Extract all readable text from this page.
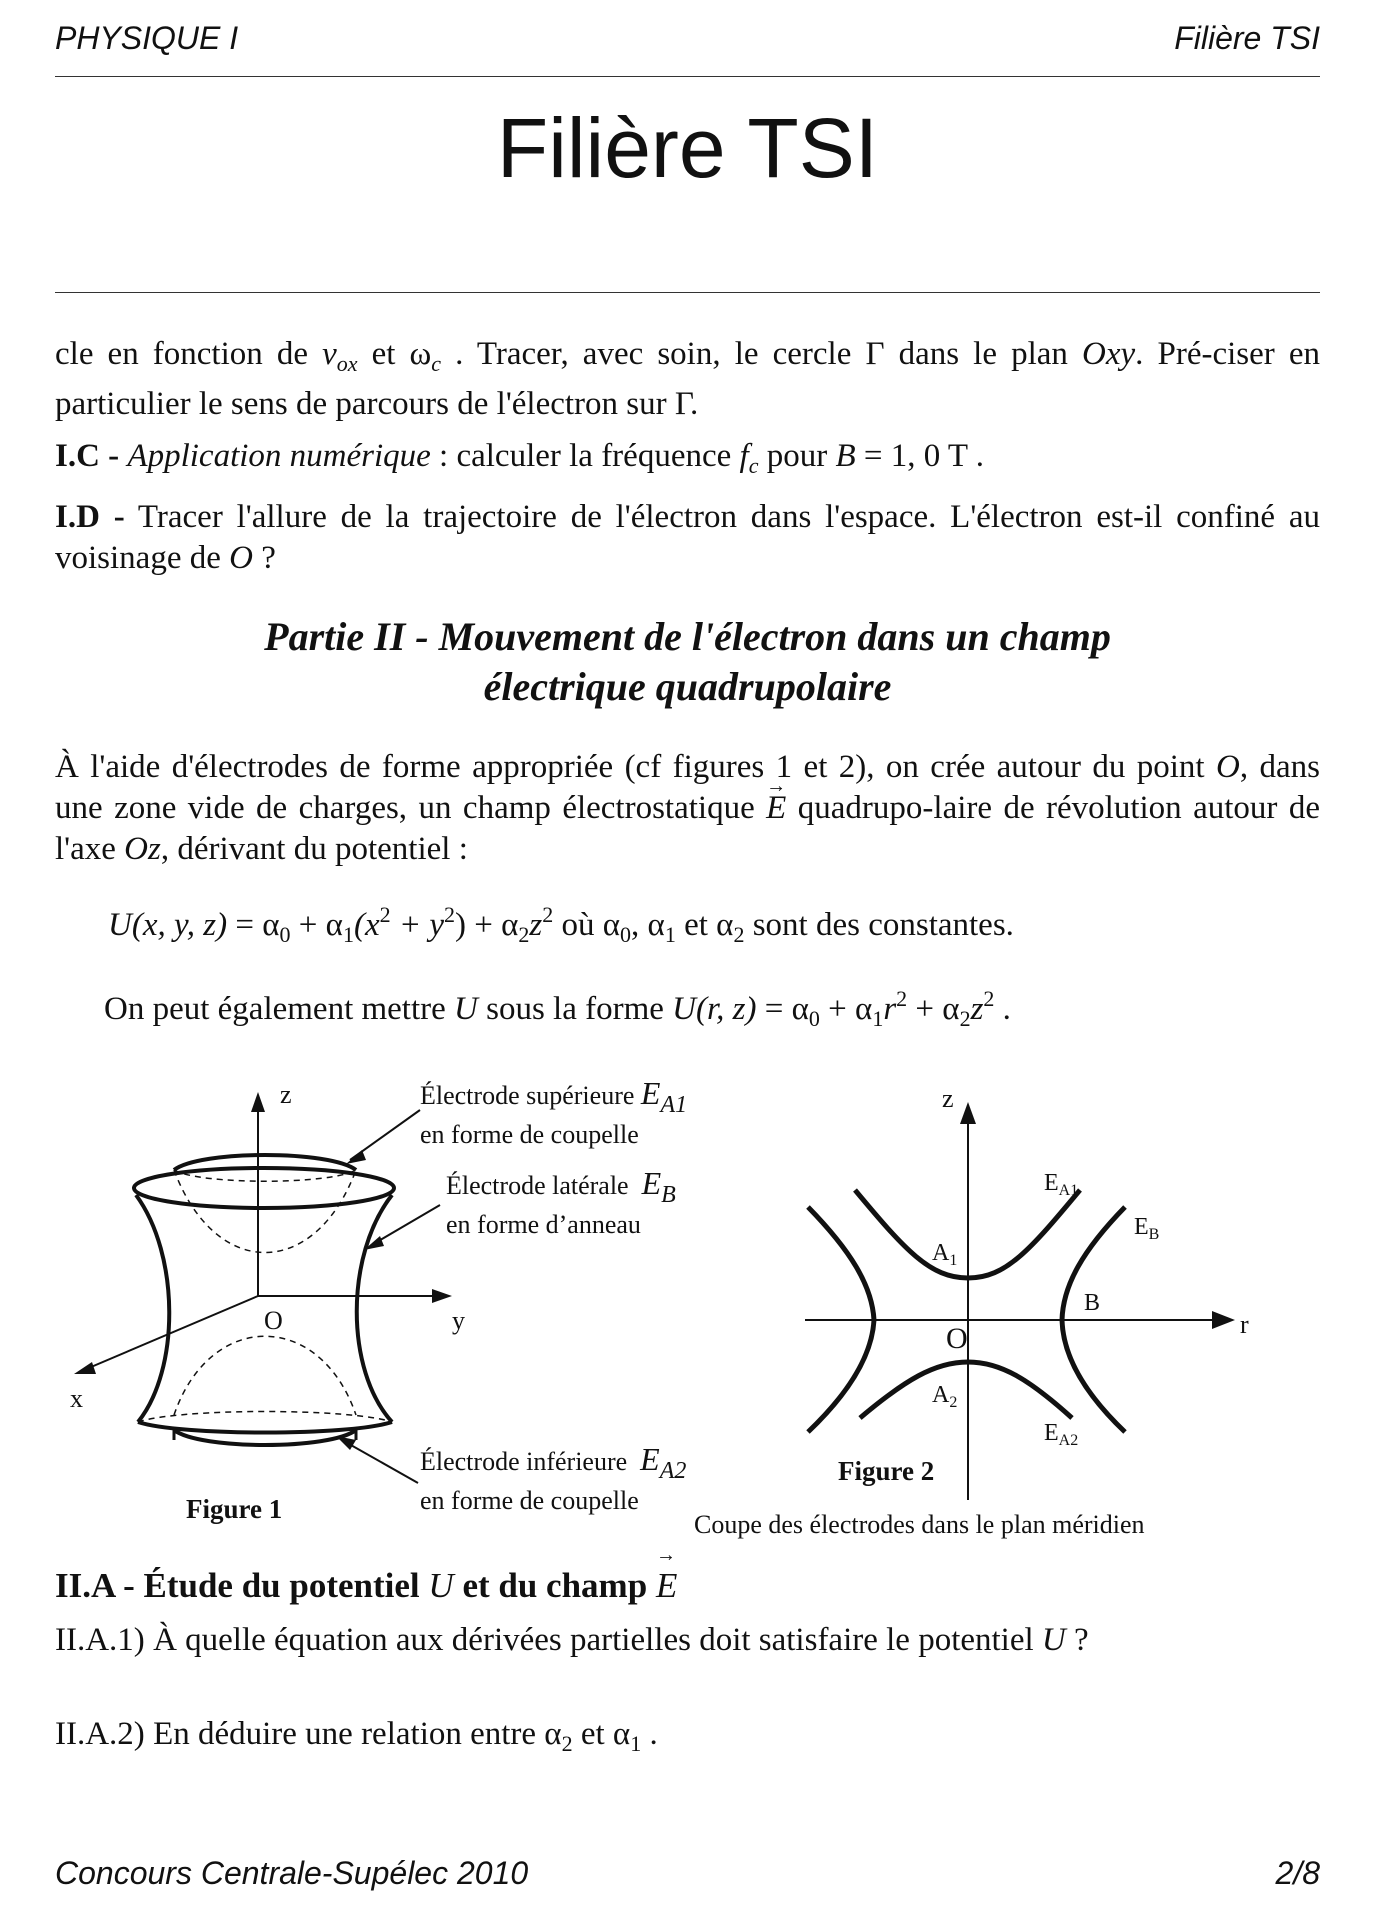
PHYSIQUE I	Filière TSI
Filière TSI
cle en fonction de $v_{ox}$ et $\omega_c$ . Tracer, avec soin, le cercle Γ dans le plan Oxy. Pré-ciser en particulier le sens de parcours de l'électron sur Γ.
I.C - Application numérique : calculer la fréquence $f_c$ pour B = 1, 0 T .
I.D - Tracer l'allure de la trajectoire de l'électron dans l'espace. L'électron est-il confiné au voisinage de O ?
Partie II - Mouvement de l'électron dans un champ
électrique quadrupolaire
À l'aide d'électrodes de forme appropriée (cf figures 1 et 2), on crée autour du point O, dans une zone vide de charges, un champ électrostatique → E quadrupo-laire de révolution autour de l'axe Oz, dérivant du potentiel :
U(x, y, $z) = \alpha_0 + \alpha_1(x^2 + y^2) + \alpha_2z^2$ où $\alpha_0$, $\alpha_1$ et $\alpha_2$ sont des constantes.
On peut également mettre U sous la forme U(r, $z) = \alpha_0 + \alpha_1r^2 + \alpha_2z^2$ .
z
y
x
O
Électrode supérieure EA1
en forme de coupelle
Électrode latérale EB
en forme d’anneau
Électrode inférieure EA2
en forme de coupelle
Figure 1
z
r
O
$E_{A1}$
$E_B$
$A_1$
$A_2$
B
$E_{A2}$
Figure 2
Coupe des électrodes dans le plan méridien
II.A - Étude du potentiel U et du champ → E
II.A.1) À quelle équation aux dérivées partielles doit satisfaire le potentiel U ?
II.A.2) En déduire une relation entre $\alpha_2$ et $\alpha_1$ .
Concours Centrale-Supélec 2010	2/8
